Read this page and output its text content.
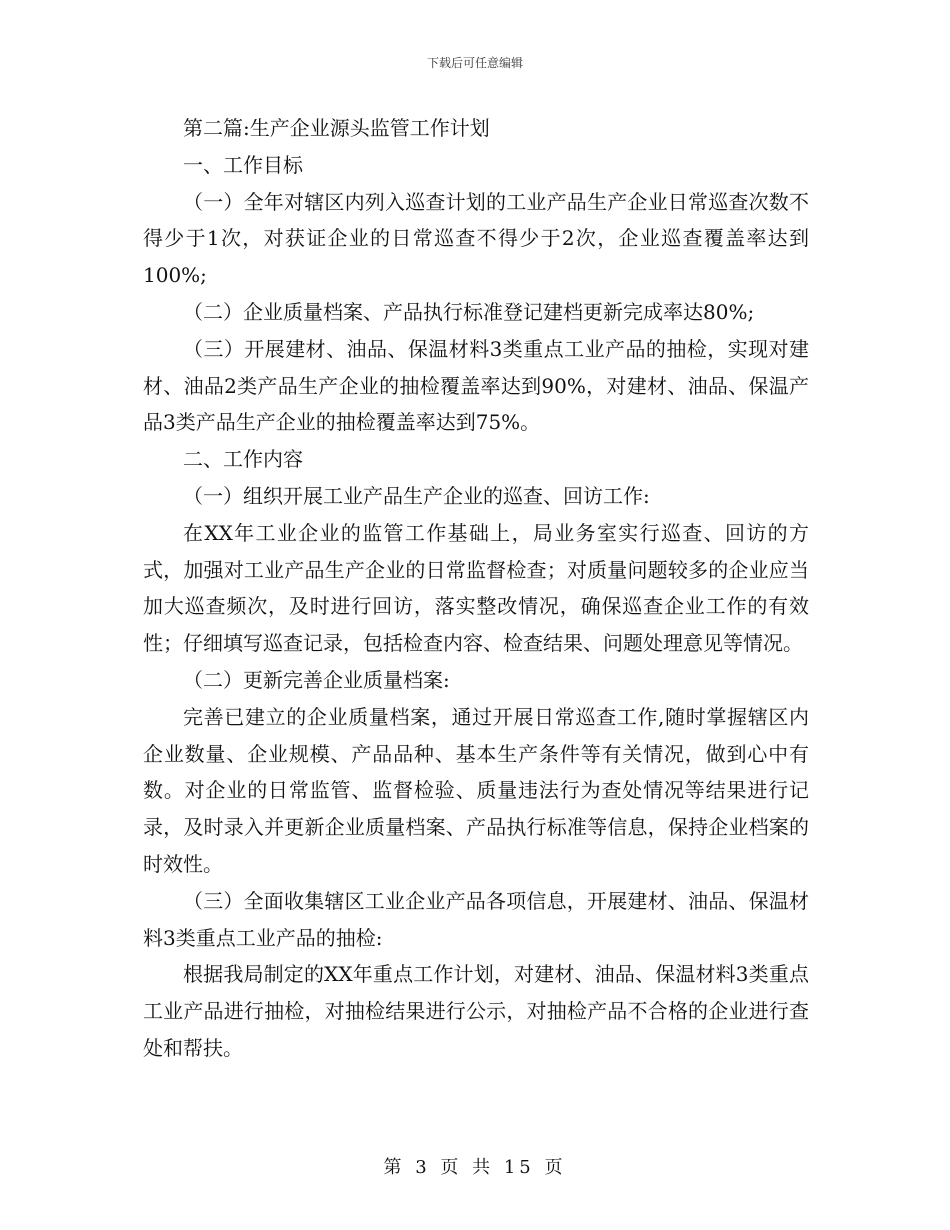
下载后可任意编辑

第二篇:生产企业源头监管工作计划

一、工作目标

（一）全年对辖区内列入巡查计划的工业产品生产企业日常巡查次数不得少于1次，对获证企业的日常巡查不得少于2次，企业巡查覆盖率达到100%;

（二）企业质量档案、产品执行标准登记建档更新完成率达80%;

（三）开展建材、油品、保温材料3类重点工业产品的抽检，实现对建材、油品2类产品生产企业的抽检覆盖率达到90%，对建材、油品、保温产品3类产品生产企业的抽检覆盖率达到75%。

二、工作内容

（一）组织开展工业产品生产企业的巡查、回访工作:

在XX年工业企业的监管工作基础上，局业务室实行巡查、回访的方式，加强对工业产品生产企业的日常监督检查；对质量问题较多的企业应当加大巡查频次，及时进行回访，落实整改情况，确保巡查企业工作的有效性；仔细填写巡查记录，包括检查内容、检查结果、问题处理意见等情况。

（二）更新完善企业质量档案:

完善已建立的企业质量档案，通过开展日常巡查工作,随时掌握辖区内企业数量、企业规模、产品品种、基本生产条件等有关情况，做到心中有数。对企业的日常监管、监督检验、质量违法行为查处情况等结果进行记录，及时录入并更新企业质量档案、产品执行标准等信息，保持企业档案的时效性。

（三）全面收集辖区工业企业产品各项信息，开展建材、油品、保温材料3类重点工业产品的抽检:

根据我局制定的XX年重点工作计划，对建材、油品、保温材料3类重点工业产品进行抽检，对抽检结果进行公示，对抽检产品不合格的企业进行查处和帮扶。

第 3 页 共 15 页
